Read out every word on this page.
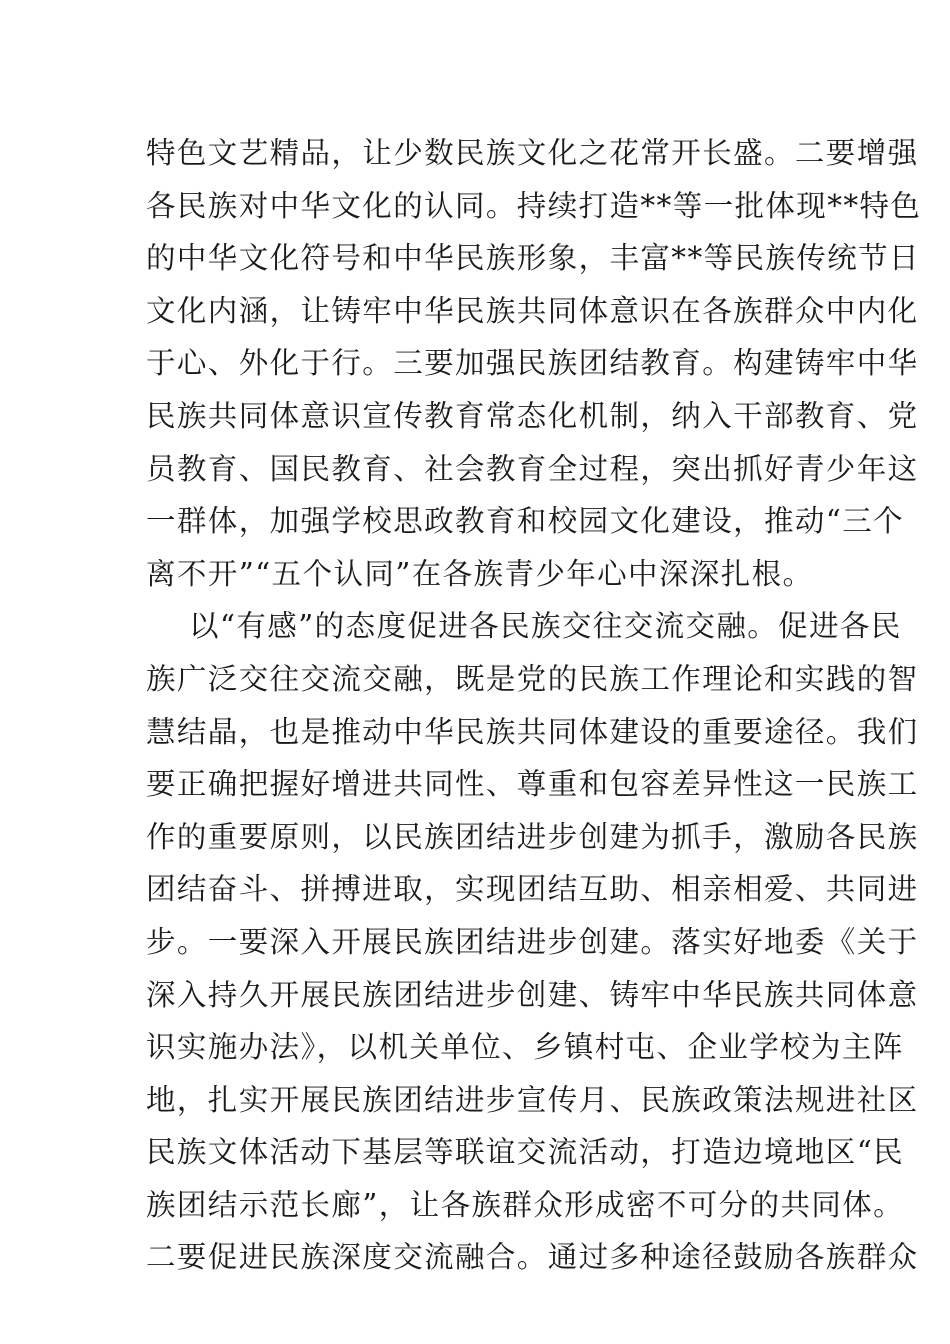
特色文艺精品，让少数民族文化之花常开长盛。二要增强
各民族对中华文化的认同。持续打造**等一批体现**特色
的中华文化符号和中华民族形象，丰富**等民族传统节日
文化内涵，让铸牢中华民族共同体意识在各族群众中内化
于心、外化于行。三要加强民族团结教育。构建铸牢中华
民族共同体意识宣传教育常态化机制，纳入干部教育、党
员教育、国民教育、社会教育全过程，突出抓好青少年这
一群体，加强学校思政教育和校园文化建设，推动“三个
离不开”“五个认同”在各族青少年心中深深扎根。
以“有感”的态度促进各民族交往交流交融。促进各民
族广泛交往交流交融，既是党的民族工作理论和实践的智
慧结晶，也是推动中华民族共同体建设的重要途径。我们
要正确把握好增进共同性、尊重和包容差异性这一民族工
作的重要原则，以民族团结进步创建为抓手，激励各民族
团结奋斗、拼搏进取，实现团结互助、相亲相爱、共同进
步。一要深入开展民族团结进步创建。落实好地委《关于
深入持久开展民族团结进步创建、铸牢中华民族共同体意
识实施办法》，以机关单位、乡镇村屯、企业学校为主阵
地，扎实开展民族团结进步宣传月、民族政策法规进社区
民族文体活动下基层等联谊交流活动，打造边境地区“民
族团结示范长廊”，让各族群众形成密不可分的共同体。
二要促进民族深度交流融合。通过多种途径鼓励各族群众
